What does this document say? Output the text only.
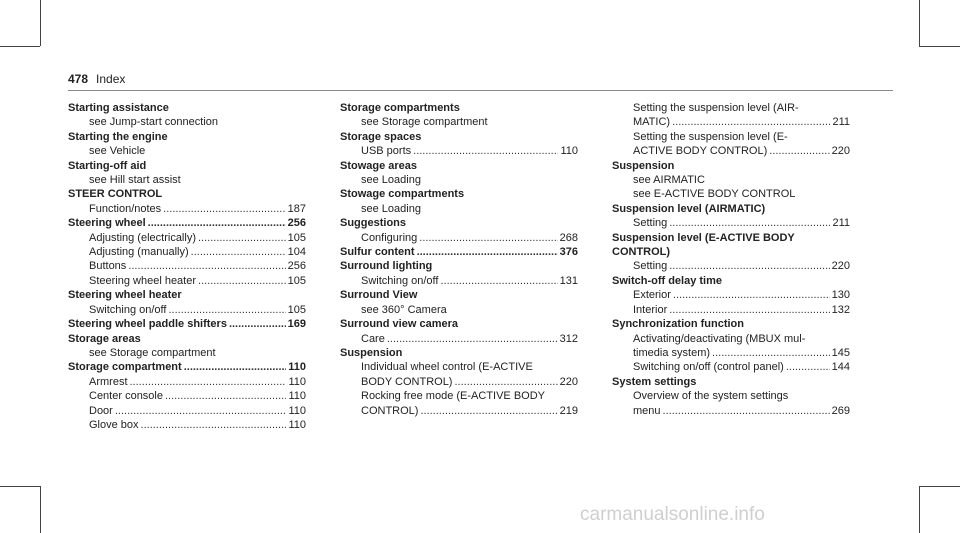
478 Index
Starting assistance
see Jump-start connection
Starting the engine
see Vehicle
Starting-off aid
see Hill start assist
STEER CONTROL
Function/notes .....	187
Steering wheel .....	256
Adjusting (electrically) .....	105
Adjusting (manually) .....	104
Buttons .....	256
Steering wheel heater .....	105
Steering wheel heater
Switching on/off .....	105
Steering wheel paddle shifters .....	169
Storage areas
see Storage compartment
Storage compartment .....	110
Armrest .....	110
Center console .....	110
Door .....	110
Glove box .....	110
Storage compartments
see Storage compartment
Storage spaces
USB ports .....	110
Stowage areas
see Loading
Stowage compartments
see Loading
Suggestions
Configuring .....	268
Sulfur content .....	376
Surround lighting
Switching on/off .....	131
Surround View
see 360° Camera
Surround view camera
Care .....	312
Suspension
Individual wheel control (E-ACTIVE
BODY CONTROL) .....	220
Rocking free mode (E-ACTIVE BODY
CONTROL) .....	219
Setting the suspension level (AIR-
MATIC) .....	211
Setting the suspension level (E-
ACTIVE BODY CONTROL) .....	220
Suspension
see AIRMATIC
see E-ACTIVE BODY CONTROL
Suspension level (AIRMATIC)
Setting .....	211
Suspension level (E-ACTIVE BODY
CONTROL)
Setting .....	220
Switch-off delay time
Exterior .....	130
Interior .....	132
Synchronization function
Activating/deactivating (MBUX mul-
timedia system) .....	145
Switching on/off (control panel) .....	144
System settings
Overview of the system settings
menu .....	269
carmanualsonline.info
